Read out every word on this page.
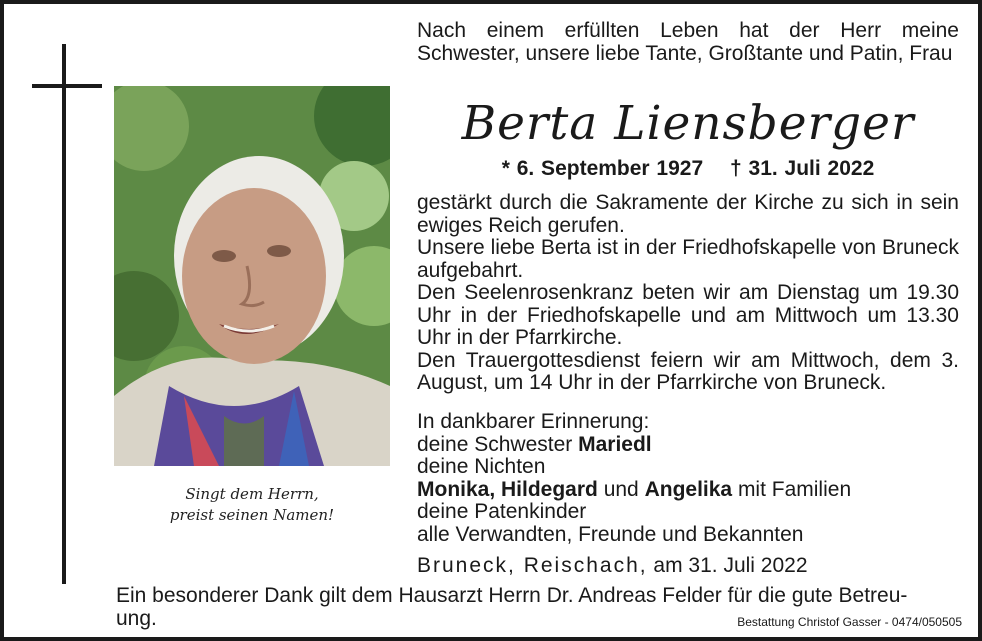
Singt dem Herrn,
preist seinen Namen!
Nach einem erfüllten Leben hat der Herr meine Schwester, unsere liebe Tante, Großtante und Patin, Frau
Berta Liensberger
* 6. September 1927 † 31. Juli 2022

gestärkt durch die Sakramente der Kirche zu sich in sein ewiges Reich gerufen.

Unsere liebe Berta ist in der Friedhofskapelle von Bruneck aufgebahrt.

Den Seelenrosenkranz beten wir am Dienstag um 19.30 Uhr in der Friedhofskapelle und am Mittwoch um 13.30 Uhr in der Pfarrkirche.

Den Trauergottesdienst feiern wir am Mittwoch, dem 3. August, um 14 Uhr in der Pfarrkirche von Bruneck.

In dankbarer Erinnerung:

deine Schwester Mariedl

deine Nichten

Monika, Hildegard und Angelika mit Familien

deine Patenkinder

alle Verwandten, Freunde und Bekannten

Bruneck, Reischach, am 31. Juli 2022

Ein besonderer Dank gilt dem Hausarzt Herrn Dr. Andreas Felder für die gute Betreu-

ung.	Bestattung Christof Gasser - 0474/050505
